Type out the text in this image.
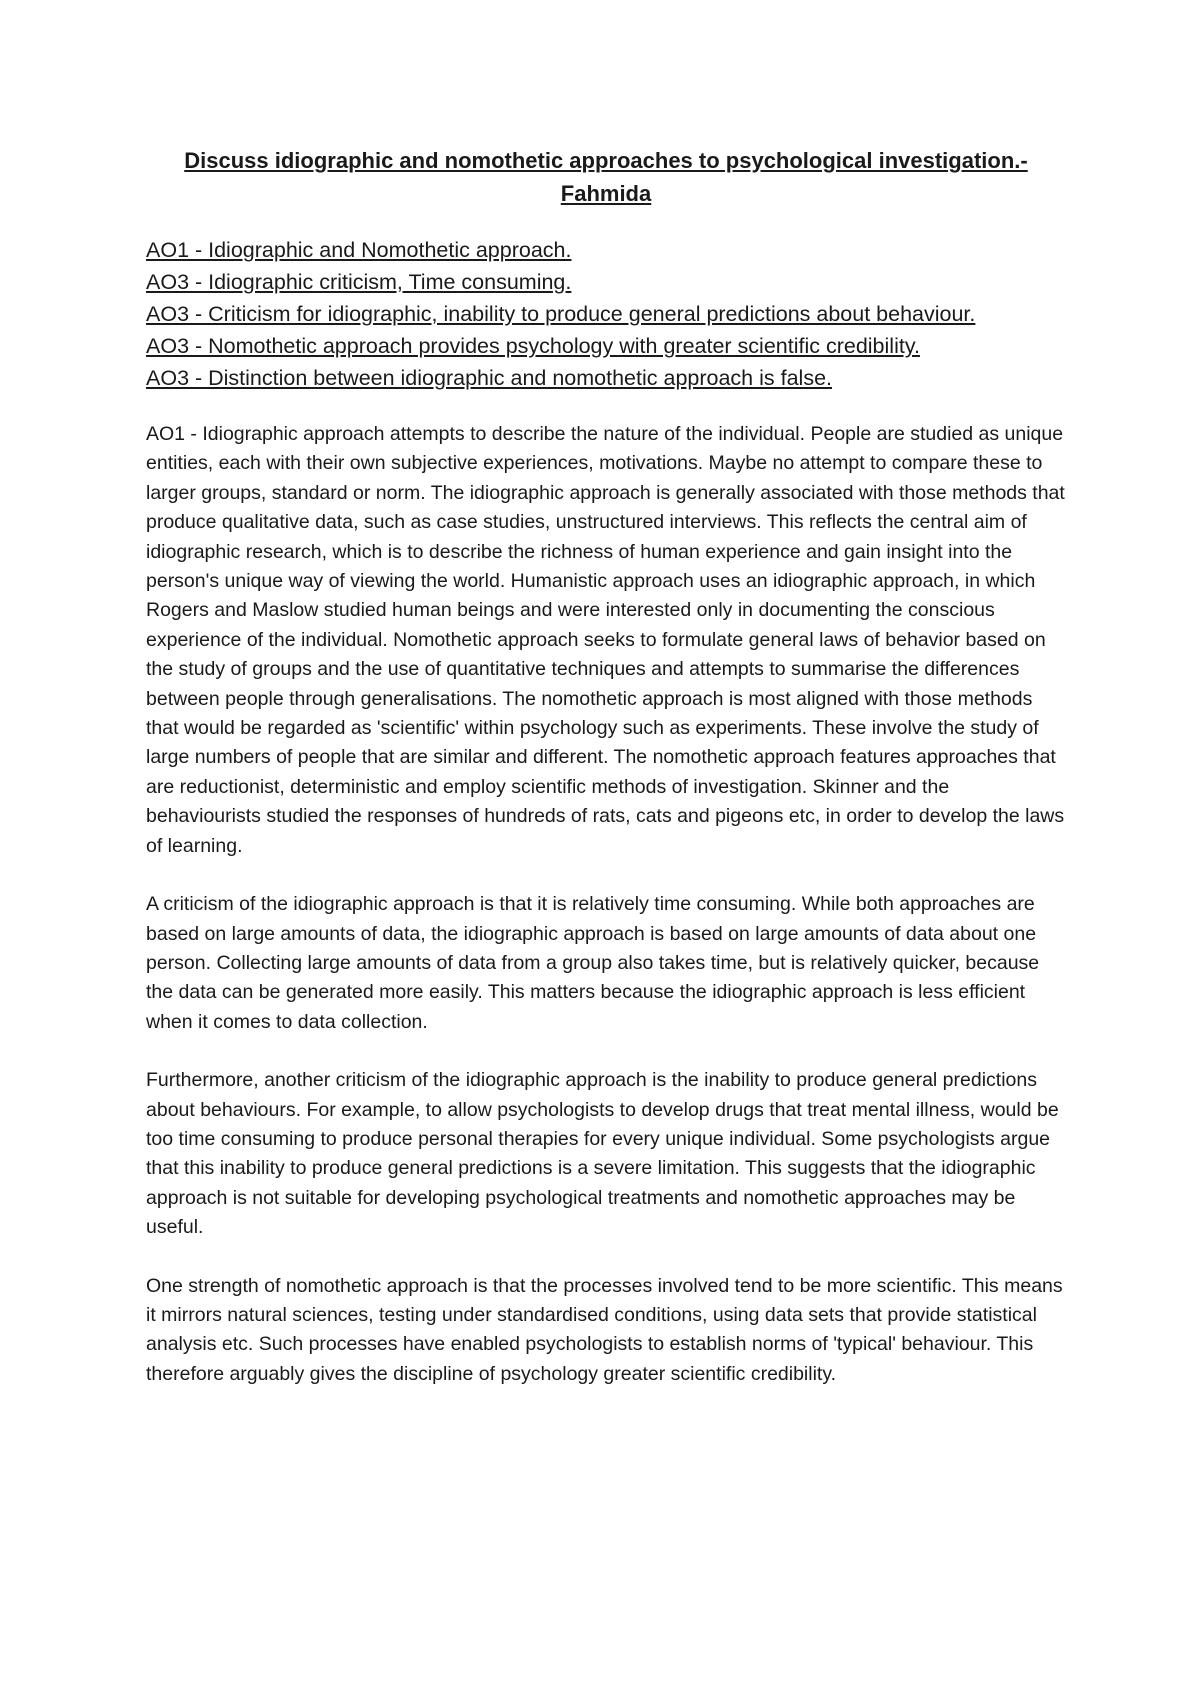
Discuss idiographic and nomothetic approaches to psychological investigation.- Fahmida
AO1 - Idiographic and Nomothetic approach.
AO3 - Idiographic criticism, Time consuming.
AO3 - Criticism for idiographic, inability to produce general predictions about behaviour.
AO3 - Nomothetic approach provides psychology with greater scientific credibility.
AO3 - Distinction between idiographic and nomothetic approach is false.

AO1 - Idiographic approach attempts to describe the nature of the individual. People are studied as unique entities, each with their own subjective experiences, motivations. Maybe no attempt to compare these to larger groups, standard or norm. The idiographic approach is generally associated with those methods that produce qualitative data, such as case studies, unstructured interviews. This reflects the central aim of idiographic research, which is to describe the richness of human experience and gain insight into the person's unique way of viewing the world. Humanistic approach uses an idiographic approach, in which Rogers and Maslow studied human beings and were interested only in documenting the conscious experience of the individual. Nomothetic approach seeks to formulate general laws of behavior based on the study of groups and the use of quantitative techniques and attempts to summarise the differences between people through generalisations. The nomothetic approach is most aligned with those methods that would be regarded as 'scientific' within psychology such as experiments. These involve the study of large numbers of people that are similar and different. The nomothetic approach features approaches that are reductionist, deterministic and employ scientific methods of investigation. Skinner and the behaviourists studied the responses of hundreds of rats, cats and pigeons etc, in order to develop the laws of learning.

A criticism of the idiographic approach is that it is relatively time consuming. While both approaches are based on large amounts of data, the idiographic approach is based on large amounts of data about one person. Collecting large amounts of data from a group also takes time, but is relatively quicker, because the data can be generated more easily. This matters because the idiographic approach is less efficient when it comes to data collection.

Furthermore, another criticism of the idiographic approach is the inability to produce general predictions about behaviours. For example, to allow psychologists to develop drugs that treat mental illness, would be too time consuming to produce personal therapies for every unique individual. Some psychologists argue that this inability to produce general predictions is a severe limitation. This suggests that the idiographic approach is not suitable for developing psychological treatments and nomothetic approaches may be useful.

One strength of nomothetic approach is that the processes involved tend to be more scientific. This means it mirrors natural sciences, testing under standardised conditions, using data sets that provide statistical analysis etc. Such processes have enabled psychologists to establish norms of 'typical' behaviour. This therefore arguably gives the discipline of psychology greater scientific credibility.
